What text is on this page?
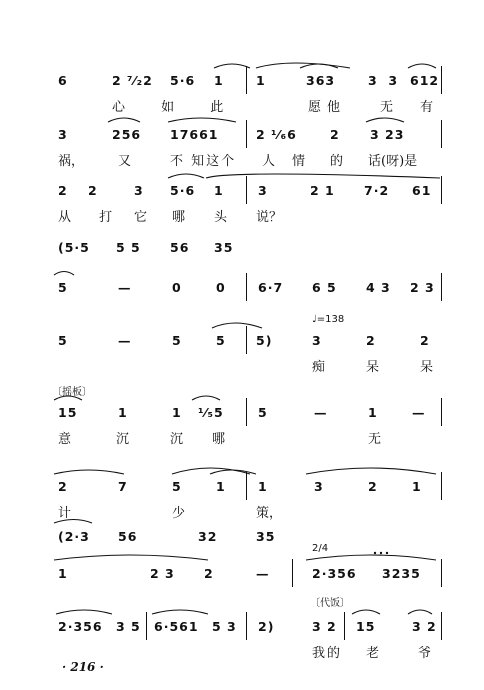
6	2 ⁷⁄₂2 5·6 1	1	363	3  3 612
心 如 此	愿他	无 有
3	256 17661	2 ¹⁄₆6	2 3 23
祸，	又	不 知这个 人 情 的 话(呀)是
2 2	3 5·6 1	3	2 1 7·2 61
从 打 它 哪 头 说？
(5·5 5 5 56 35
5	—	0	0	6·7 6 5 4 3 2 3
♩=138
5	—	5	5 5)	3	2	2
痴	呆	呆
〔摇板〕
15	1	1 ¹⁄₅5	5	—	1	—
意	沉	沉 哪	无
2	7	5	1	1	3	2	1
计	少	策，
(2·3 56	32	35
2/4
1	2 3 2	—	2·356 3235
〔代饭〕
2·356 3 5 6·561 5 3 2)	3 2 15	3 2
我的 老	爷
· 216 ·
